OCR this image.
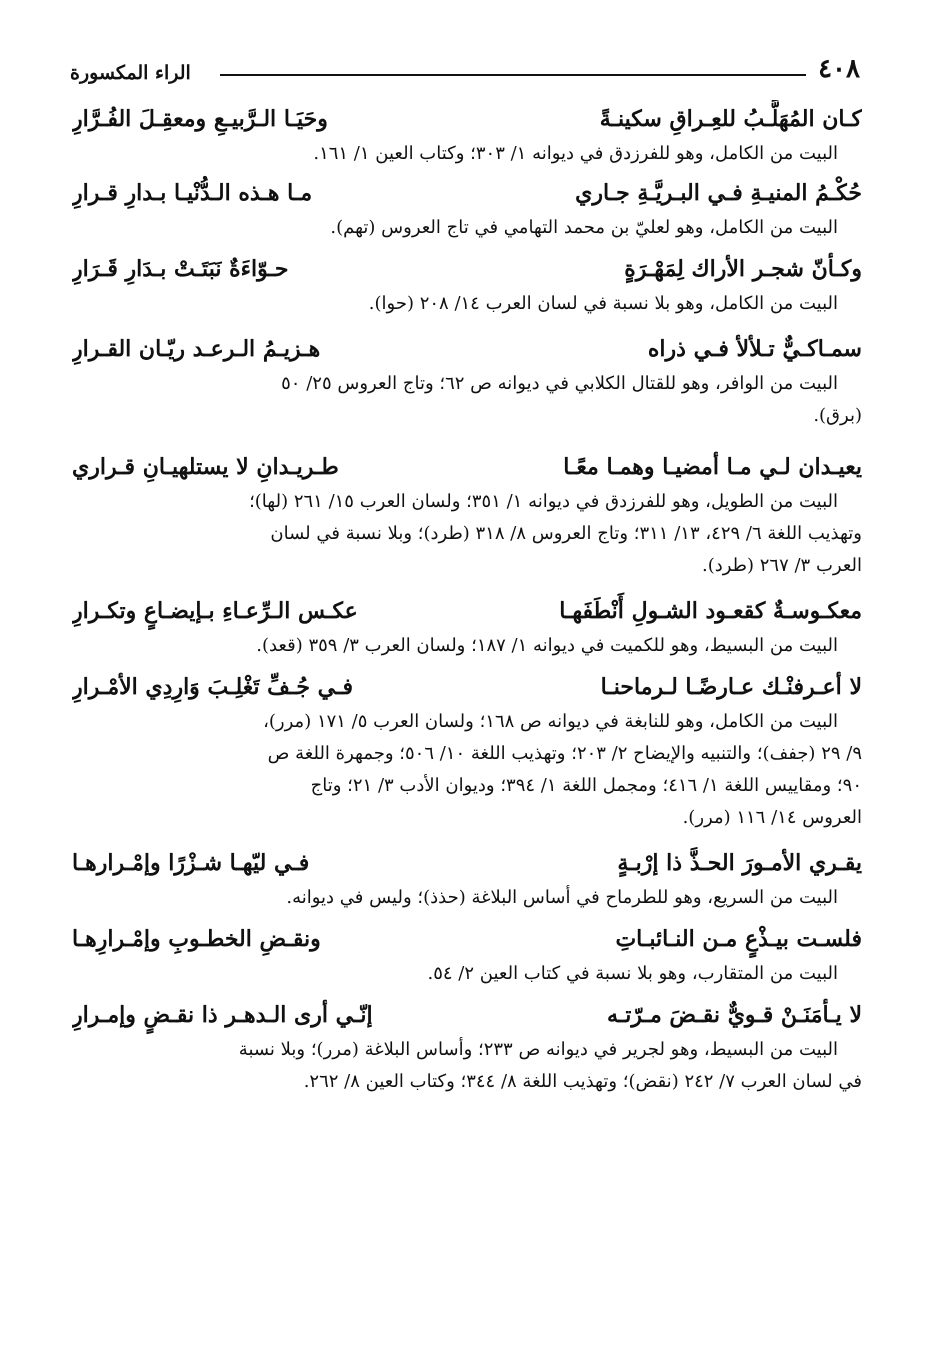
٤٠٨
الراء المكسورة
كـان المُهَلَّـبُ للعِـراقِ سكينـةً
وحَيَـا الـرَّبيـعِ ومعقِـلَ الفُـرَّارِ
البيت من الكامل، وهو للفرزدق في ديوانه ١/ ٣٠٣؛ وكتاب العين ١/ ١٦١.
حُكْـمُ المنيـةِ فـي البـريَّـةِ جـاري
مـا هـذه الـدُّنْيـا بـدارِ قـرارِ
البيت من الكامل، وهو لعليّ بن محمد التهامي في تاج العروس (تهم).
وكـأنّ شجـر الأراك لِمَهْـرَةٍ
حـوّاءَةٌ نَبَتَـتْ بـدَارِ قَـرَارِ
البيت من الكامل، وهو بلا نسبة في لسان العرب ١٤/ ٢٠٨ (حوا).
سمـاكـيٌّ تـلألأ فـي ذراه
هـزيـمُ الـرعـد ريّـان القـرارِ
البيت من الوافر، وهو للقتال الكلابي في ديوانه ص ٦٢؛ وتاج العروس ٢٥/ ٥٠
(برق).
يعيـدان لـي مـا أمضيـا وهمـا معًـا
طـريـدانِ لا يستلهيـانِ قـراري
البيت من الطويل، وهو للفرزدق في ديوانه ١/ ٣٥١؛ ولسان العرب ١٥/ ٢٦١ (لها)؛
وتهذيب اللغة ٦/ ٤٢٩، ١٣/ ٣١١؛ وتاج العروس ٨/ ٣١٨ (طرد)؛ وبلا نسبة في لسان
العرب ٣/ ٢٦٧ (طرد).
معكـوسـةٌ كقعـود الشـولِ أَنْطَفَهـا
عكـس الـرِّعـاءِ بـإيضـاعٍ وتكـرارِ
البيت من البسيط، وهو للكميت في ديوانه ١/ ١٨٧؛ ولسان العرب ٣/ ٣٥٩ (قعد).
لا أعـرفنْـك عـارضًـا لـرماحنـا
فـي جُـفِّ تَغْلِـبَ وَارِدِي الأمْـرارِ
البيت من الكامل، وهو للنابغة في ديوانه ص ١٦٨؛ ولسان العرب ٥/ ١٧١ (مرر)،
٩/ ٢٩ (جفف)؛ والتنبيه والإيضاح ٢/ ٢٠٣؛ وتهذيب اللغة ١٠/ ٥٠٦؛ وجمهرة اللغة ص
٩٠؛ ومقاييس اللغة ١/ ٤١٦؛ ومجمل اللغة ١/ ٣٩٤؛ وديوان الأدب ٣/ ٢١؛ وتاج
العروس ١٤/ ١١٦ (مرر).
يقـري الأمـورَ الحـذَّ ذا إرْبـةٍ
فـي ليّهـا شـزْرًا وإمْـرارهـا
البيت من السريع، وهو للطرماح في أساس البلاغة (حذذ)؛ وليس في ديوانه.
فلسـت بيـذْعٍ مـن النـائبـاتِ
ونقـضِ الخطـوبِ وإمْـرارِهـا
البيت من المتقارب، وهو بلا نسبة في كتاب العين ٢/ ٥٤.
لا يـأمَنَـنْ قـويٌّ نقـضَ مـرّتـه
إنّـي أرى الـدهـر ذا نقـضٍ وإمـرارِ
البيت من البسيط، وهو لجرير في ديوانه ص ٢٣٣؛ وأساس البلاغة (مرر)؛ وبلا نسبة
في لسان العرب ٧/ ٢٤٢ (نقض)؛ وتهذيب اللغة ٨/ ٣٤٤؛ وكتاب العين ٨/ ٢٦٢.
